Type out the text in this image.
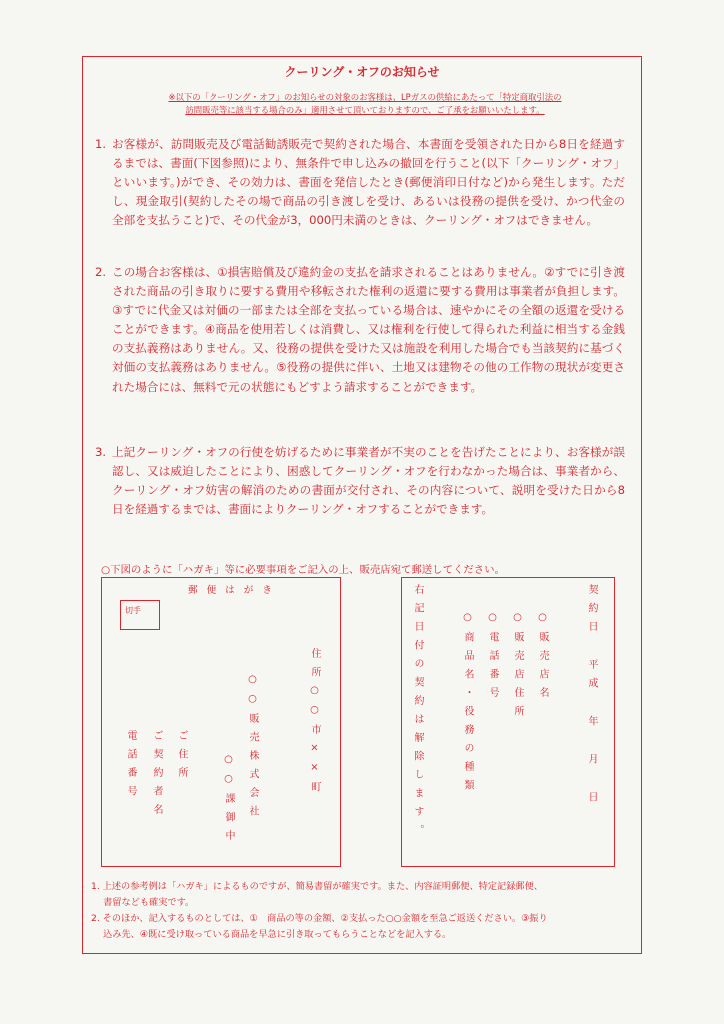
クーリング・オフのお知らせ
※以下の「クーリング・オフ」のお知らせの対象のお客様は、LPガスの供給にあたって「特定商取引法の
訪問販売等に該当する場合のみ」適用させて頂いておりますので、ご了承をお願いいたします。
1. お客様が、訪問販売及び電話勧誘販売で契約された場合、本書面を受領された日から8日を経過するまでは、書面(下図参照)により、無条件で申し込みの撤回を行うこと(以下「クーリング・オフ」といいます。)ができ、その効力は、書面を発信したとき(郵便消印日付など)から発生します。ただし、現金取引(契約したその場で商品の引き渡しを受け、あるいは役務の提供を受け、かつ代金の全部を支払うこと)で、その代金が3，000円未満のときは、クーリング・オフはできません。
2. この場合お客様は、①損害賠償及び違約金の支払を請求されることはありません。②すでに引き渡された商品の引き取りに要する費用や移転された権利の返還に要する費用は事業者が負担します。③すでに代金又は対価の一部または全部を支払っている場合は、速やかにその全額の返還を受けることができます。④商品を使用若しくは消費し、又は権利を行使して得られた利益に相当する金銭の支払義務はありません。又、役務の提供を受けた又は施設を利用した場合でも当該契約に基づく対価の支払義務はありません。⑤役務の提供に伴い、土地又は建物その他の工作物の現状が変更された場合には、無料で元の状態にもどすよう請求することができます。
3. 上記クーリング・オフの行使を妨げるために事業者が不実のことを告げたことにより、お客様が誤認し、又は威迫したことにより、困惑してクーリング・オフを行わなかった場合は、事業者から、クーリング・オフ妨害の解消のための書面が交付され、その内容について、説明を受けた日から8日を経過するまでは、書面によりクーリング・オフすることができます。
○下図のように「ハガキ」等に必要事項をご記入の上、販売店宛て郵送してください。
郵便はがき
切手
住所○○市××町
○○販売株式会社
○○課御中
ご住所
ご契約者名
電話番号	契約日 平成 年 月 日
○販売店名
○販売店住所
○電話番号
○商品名・役務の種類
右記日付の契約は解除します。
1. 上述の参考例は「ハガキ」によるものですが、簡易書留が確実です。また、内容証明郵便、特定記録郵便、
　 書留なども確実です。
2. そのほか、記入するものとしては、①　商品の等の金額、②支払った○○金額を至急ご返送ください。③振り
　 込み先、④既に受け取っている商品を早急に引き取ってもらうことなどを記入する。
